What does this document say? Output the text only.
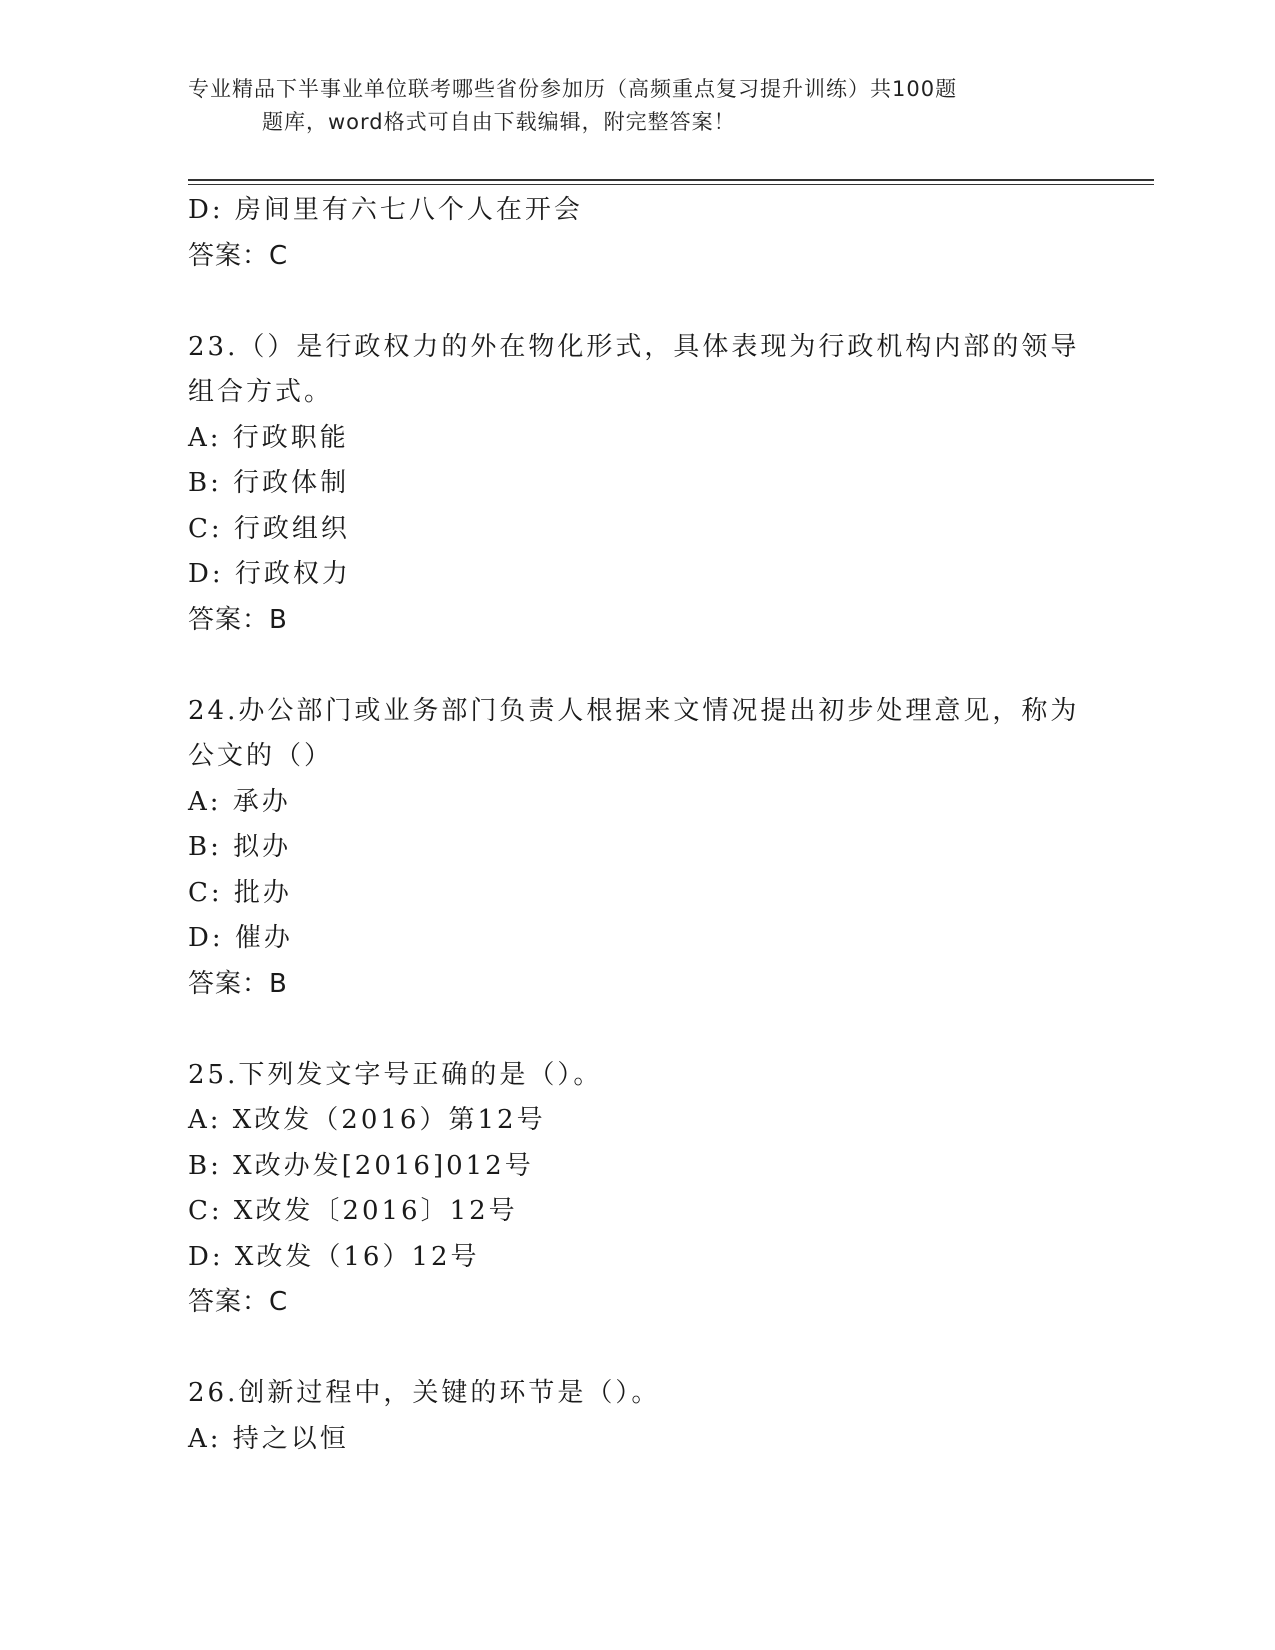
专业精品下半事业单位联考哪些省份参加历（高频重点复习提升训练）共100题

题库，word格式可自由下载编辑，附完整答案！
D: 房间里有六七八个人在开会
答案：C
23.（）是行政权力的外在物化形式，具体表现为行政机构内部的领导
组合方式。
A: 行政职能
B: 行政体制
C: 行政组织
D: 行政权力
答案：B
24.办公部门或业务部门负责人根据来文情况提出初步处理意见，称为
公文的（）
A: 承办
B: 拟办
C: 批办
D: 催办
答案：B
25.下列发文字号正确的是（）。
A: X改发（2016）第12号
B: X改办发[2016]012号
C: X改发〔2016〕12号
D: X改发（16）12号
答案：C
26.创新过程中，关键的环节是（）。
A: 持之以恒
